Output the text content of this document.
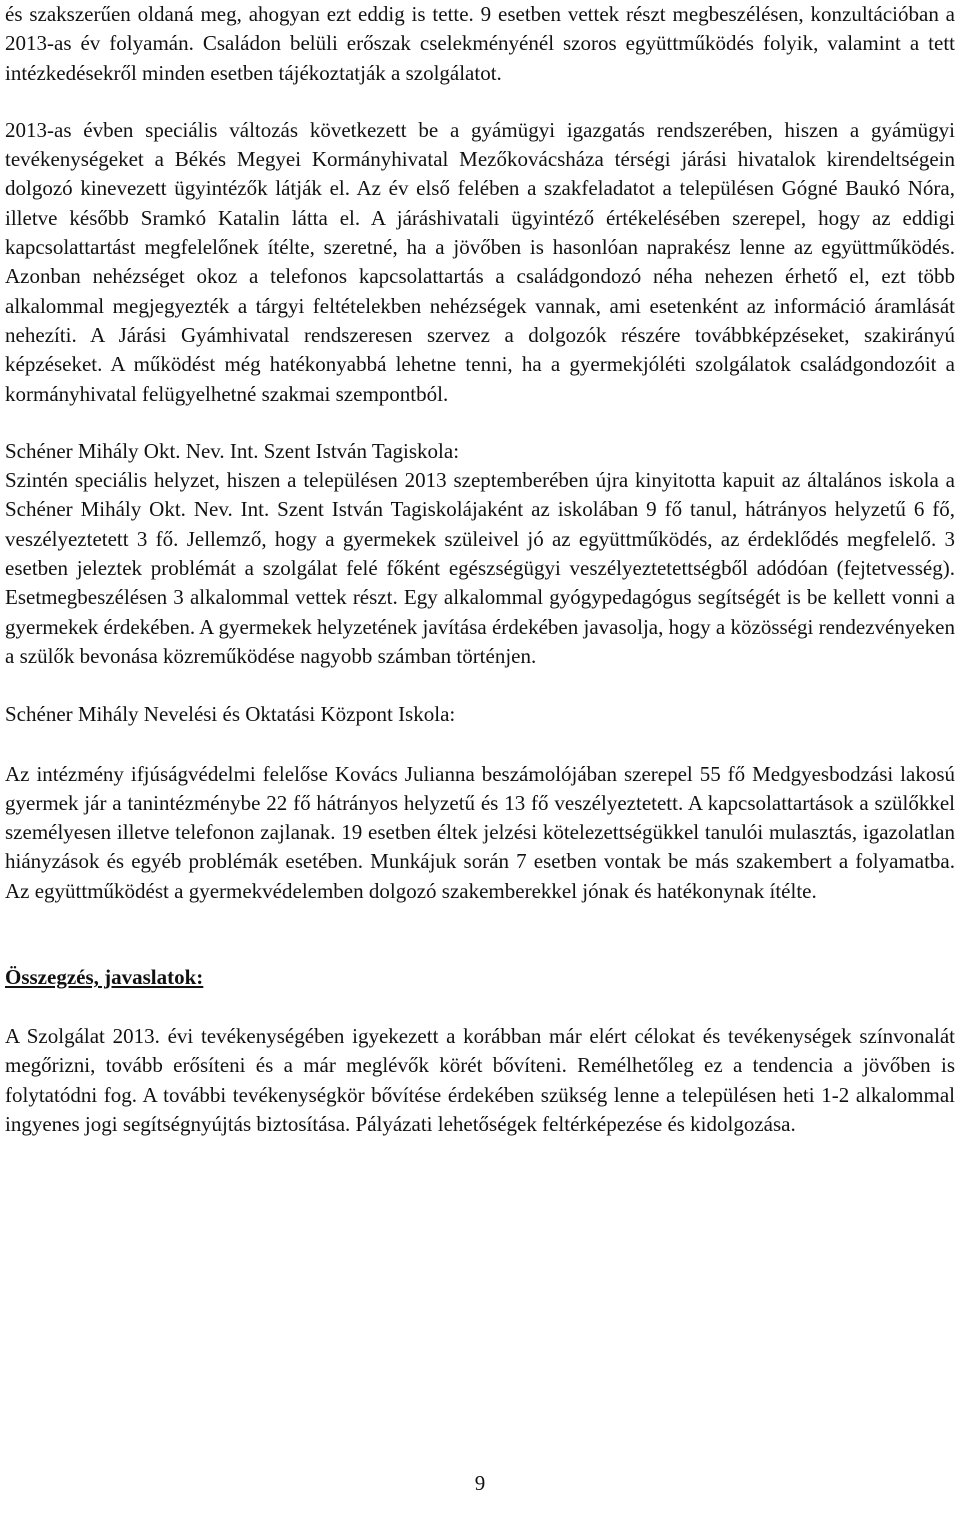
és szakszerűen oldaná meg, ahogyan ezt eddig is tette. 9 esetben vettek részt megbeszélésen, konzultációban a 2013-as év folyamán. Családon belüli erőszak cselekményénél szoros együttműködés folyik, valamint a tett intézkedésekről minden esetben tájékoztatják a szolgálatot.

2013-as évben speciális változás következett be a gyámügyi igazgatás rendszerében, hiszen a gyámügyi tevékenységeket a Békés Megyei Kormányhivatal Mezőkovácsháza térségi járási hivatalok kirendeltségein dolgozó kinevezett ügyintézők látják el. Az év első felében a szakfeladatot a településen Gógné Baukó Nóra, illetve később Sramkó Katalin látta el. A járáshivatali ügyintéző értékelésében szerepel, hogy az eddigi kapcsolattartást megfelelőnek ítélte, szeretné, ha a jövőben is hasonlóan naprakész lenne az együttműködés. Azonban nehézséget okoz a telefonos kapcsolattartás a családgondozó néha nehezen érhető el, ezt több alkalommal megjegyezték a tárgyi feltételekben nehézségek vannak, ami esetenként az információ áramlását nehezíti. A Járási Gyámhivatal rendszeresen szervez a dolgozók részére továbbképzéseket, szakirányú képzéseket. A működést még hatékonyabbá lehetne tenni, ha a gyermekjóléti szolgálatok családgondozóit a kormányhivatal felügyelhetné szakmai szempontból.

Schéner Mihály Okt. Nev. Int. Szent István Tagiskola:

Szintén speciális helyzet, hiszen a településen 2013 szeptemberében újra kinyitotta kapuit az általános iskola a Schéner Mihály Okt. Nev. Int. Szent István Tagiskolájaként az iskolában 9 fő tanul, hátrányos helyzetű 6 fő, veszélyeztetett 3 fő. Jellemző, hogy a gyermekek szüleivel jó az együttműködés, az érdeklődés megfelelő. 3 esetben jeleztek problémát a szolgálat felé főként egészségügyi veszélyeztetettségből adódóan (fejtetvesség). Esetmegbeszélésen 3 alkalommal vettek részt. Egy alkalommal gyógypedagógus segítségét is be kellett vonni a gyermekek érdekében. A gyermekek helyzetének javítása érdekében javasolja, hogy a közösségi rendezvényeken a szülők bevonása közreműködése nagyobb számban történjen.

Schéner Mihály Nevelési és Oktatási Központ Iskola:

Az intézmény ifjúságvédelmi felelőse Kovács Julianna beszámolójában szerepel 55 fő Medgyesbodzási lakosú gyermek jár a tanintézménybe 22 fő hátrányos helyzetű és 13 fő veszélyeztetett. A kapcsolattartások a szülőkkel személyesen illetve telefonon zajlanak. 19 esetben éltek jelzési kötelezettségükkel tanulói mulasztás, igazolatlan hiányzások és egyéb problémák esetében. Munkájuk során 7 esetben vontak be más szakembert a folyamatba. Az együttműködést a gyermekvédelemben dolgozó szakemberekkel jónak és hatékonynak ítélte.

Összegzés, javaslatok:

A Szolgálat 2013. évi tevékenységében igyekezett a korábban már elért célokat és tevékenységek színvonalát megőrizni, tovább erősíteni és a már meglévők körét bővíteni. Remélhetőleg ez a tendencia a jövőben is folytatódni fog. A további tevékenységkör bővítése érdekében szükség lenne a településen heti 1-2 alkalommal ingyenes jogi segítségnyújtás biztosítása. Pályázati lehetőségek feltérképezése és kidolgozása.

9
